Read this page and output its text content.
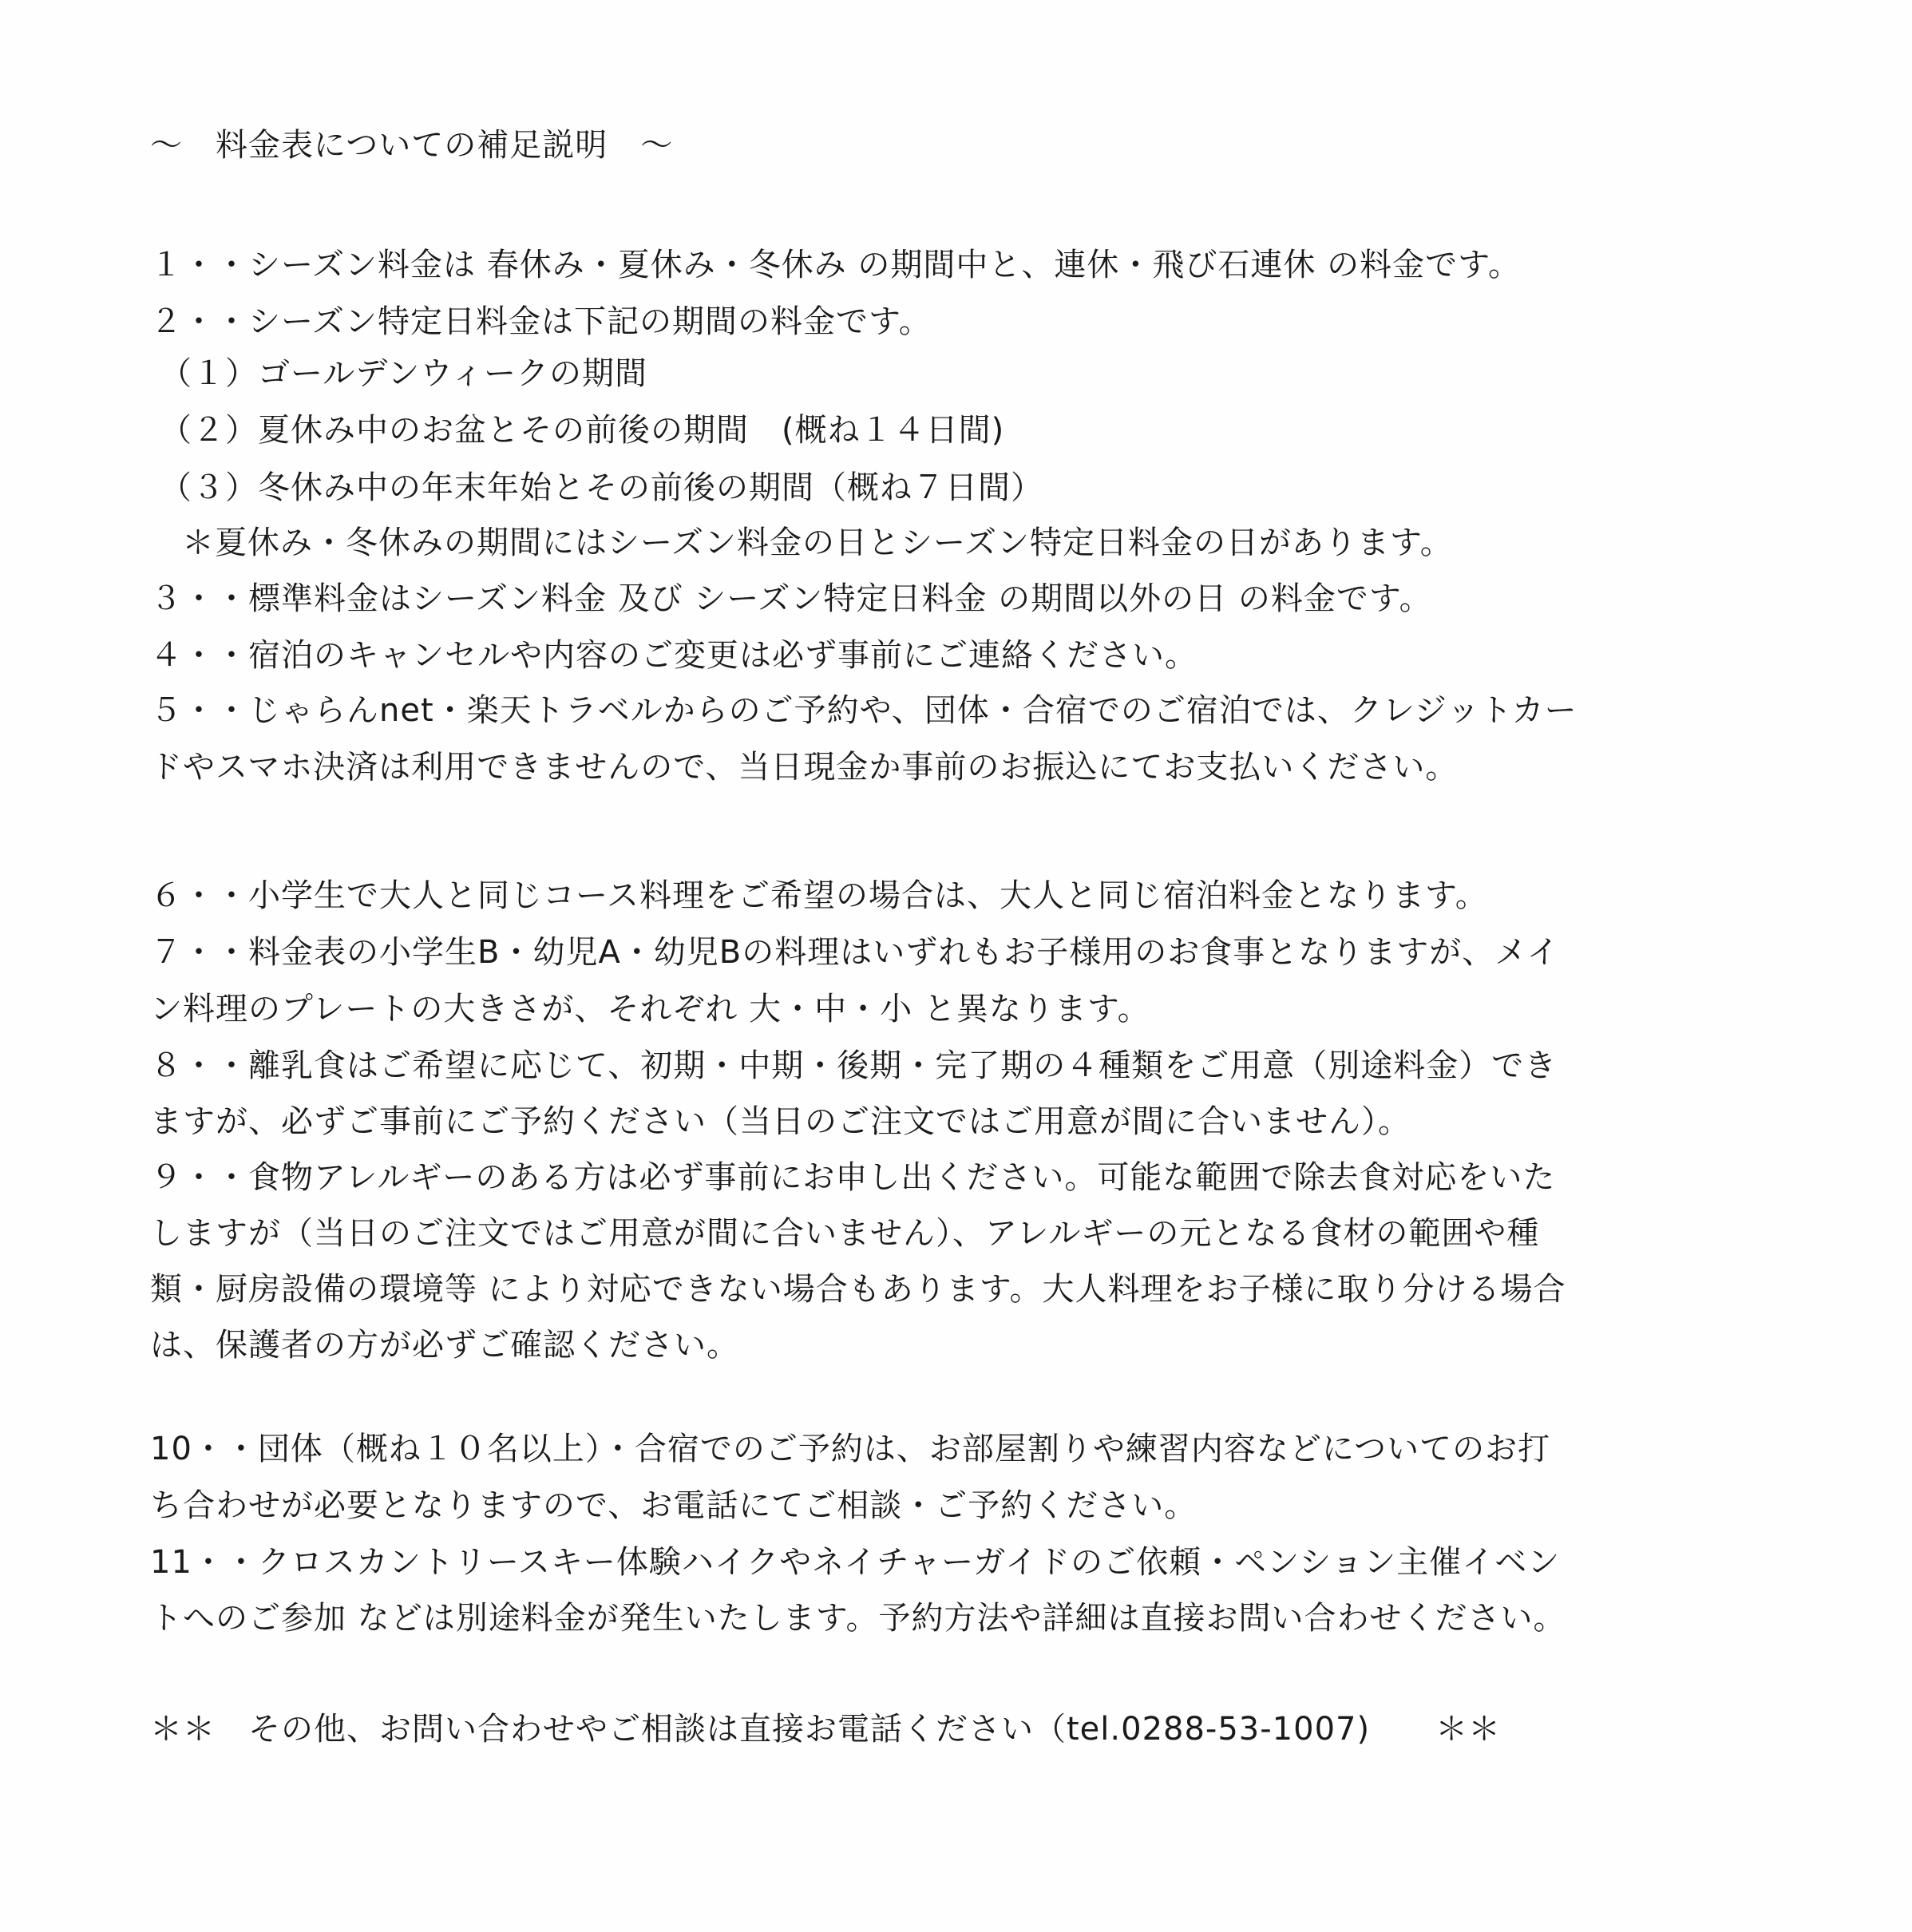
～　料金表についての補足説明　～
１・・シーズン料金は 春休み・夏休み・冬休み の期間中と、連休・飛び石連休 の料金です。
２・・シーズン特定日料金は下記の期間の料金です。
（１）ゴールデンウィークの期間
（２）夏休み中のお盆とその前後の期間　(概ね１４日間)
（３）冬休み中の年末年始とその前後の期間（概ね７日間）
＊夏休み・冬休みの期間にはシーズン料金の日とシーズン特定日料金の日があります。
３・・標準料金はシーズン料金 及び シーズン特定日料金 の期間以外の日 の料金です。
４・・宿泊のキャンセルや内容のご変更は必ず事前にご連絡ください。
５・・じゃらんnet・楽天トラベルからのご予約や、団体・合宿でのご宿泊では、クレジットカー
ドやスマホ決済は利用できませんので、当日現金か事前のお振込にてお支払いください。
６・・小学生で大人と同じコース料理をご希望の場合は、大人と同じ宿泊料金となります。
７・・料金表の小学生B・幼児A・幼児Bの料理はいずれもお子様用のお食事となりますが、メイ
ン料理のプレートの大きさが、それぞれ 大・中・小 と異なります。
８・・離乳食はご希望に応じて、初期・中期・後期・完了期の４種類をご用意（別途料金）でき
ますが、必ずご事前にご予約ください（当日のご注文ではご用意が間に合いません）。
９・・食物アレルギーのある方は必ず事前にお申し出ください。可能な範囲で除去食対応をいた
しますが（当日のご注文ではご用意が間に合いません）、アレルギーの元となる食材の範囲や種
類・厨房設備の環境等 により対応できない場合もあります。大人料理をお子様に取り分ける場合
は、保護者の方が必ずご確認ください。
10・・団体（概ね１０名以上）・合宿でのご予約は、お部屋割りや練習内容などについてのお打
ち合わせが必要となりますので、お電話にてご相談・ご予約ください。
11・・クロスカントリースキー体験ハイクやネイチャーガイドのご依頼・ペンション主催イベン
トへのご参加 などは別途料金が発生いたします。予約方法や詳細は直接お問い合わせください。
＊＊　その他、お問い合わせやご相談は直接お電話ください（tel.0288-53-1007)　　＊＊
